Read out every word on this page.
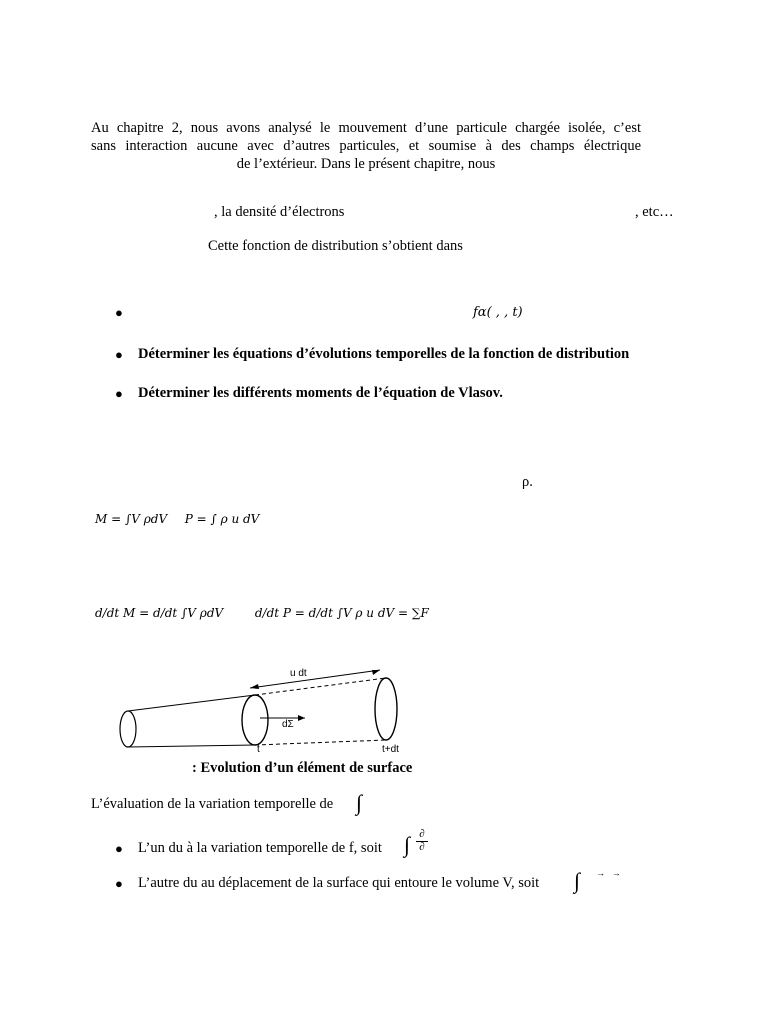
Au chapitre 2, nous avons analysé le mouvement d’une particule chargée isolée, c’est
sans interaction aucune avec d’autres particules, et soumise à des champs électrique
de l’extérieur. Dans le présent chapitre, nous
, la densité d’électrons	, etc…
Cette fonction de distribution s’obtient dans
●	fα( , , t)
● Déterminer les équations d’évolutions temporelles de la fonction de distribution
● Déterminer les différents moments de l’équation de Vlasov.
ρ.
M = ∫V ρdV P = ∫ ρ u dV
d/dt M = d/dt ∫V ρdV	d/dt P = d/dt ∫V ρ u dV = ∑F
u dt
dΣ
t	t+dt
: Evolution d’un élément de surface
L’évaluation de la variation temporelle de ∫
● L’un du à la variation temporelle de f, soit ∫ ∂
∂
● L’autre du au déplacement de la surface qui entoure le volume V, soit ∫ →   →
